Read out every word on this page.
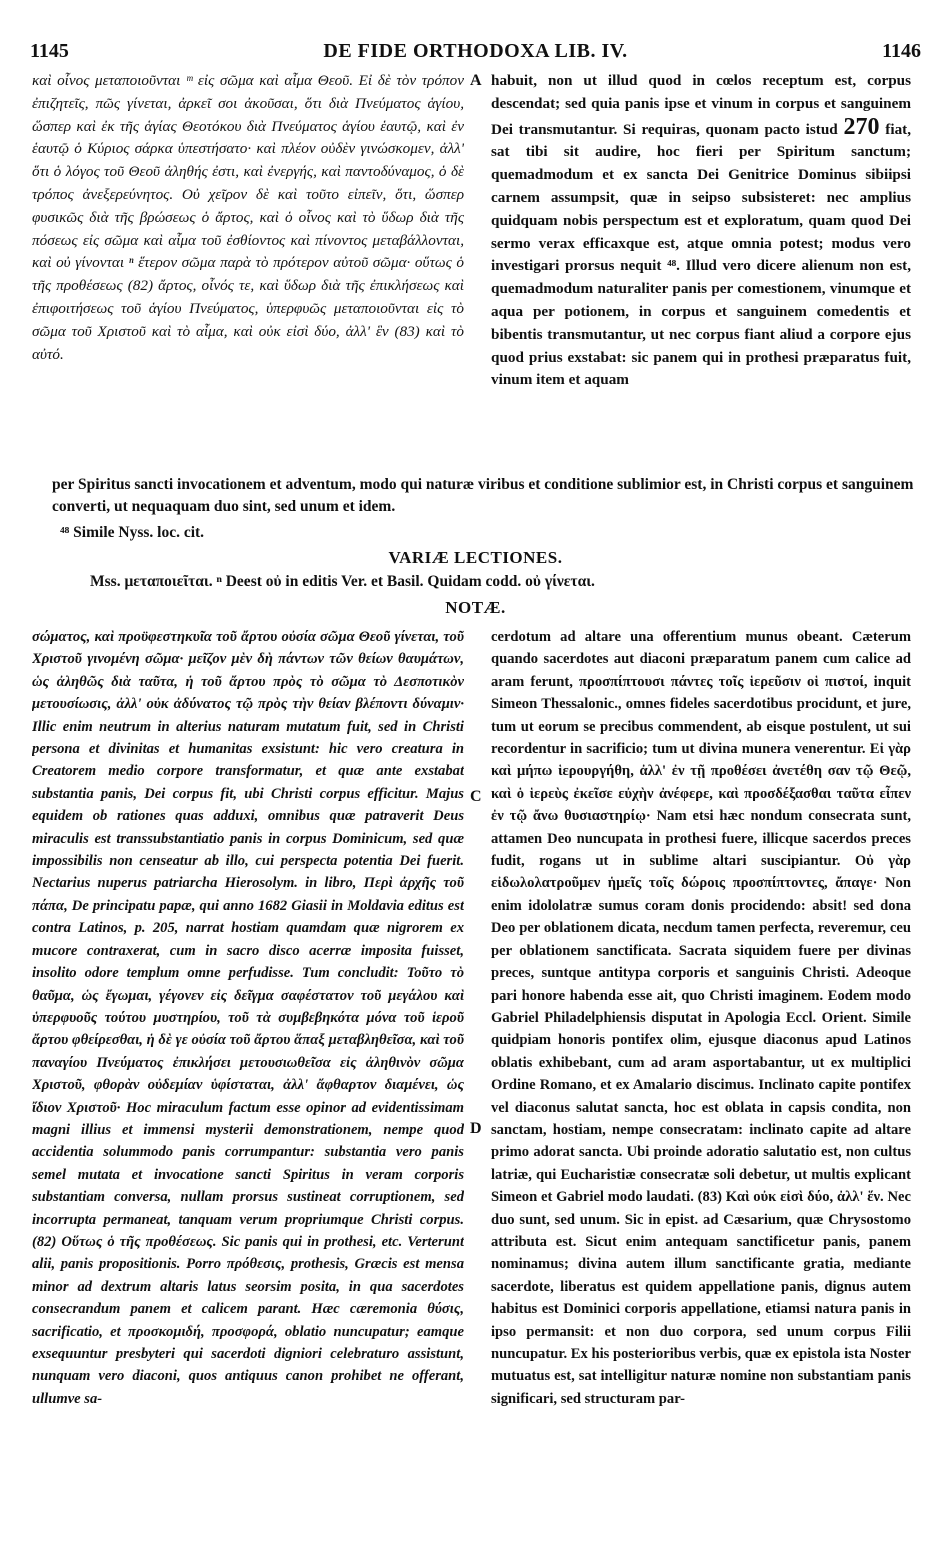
1145	DE FIDE ORTHODOXA LIB. IV.	1146

καὶ οἶνος μεταποιοῦνται ᵐ εἰς σῶμα καὶ αἷμα Θεοῦ. Εἰ δὲ τὸν τρόπον ἐπιζητεῖς, πῶς γίνεται, ἀρκεῖ σοι ἀκοῦσαι, ὅτι διὰ Πνεύματος ἁγίου, ὥσπερ καὶ ἐκ τῆς ἁγίας Θεοτόκου διὰ Πνεύματος ἁγίου ἑαυτῷ, καὶ ἐν ἑαυτῷ ὁ Κύριος σάρκα ὑπεστήσατο· καὶ πλέον οὐδὲν γινώσκομεν, ἀλλ' ὅτι ὁ λόγος τοῦ Θεοῦ ἀληθής ἐστι, καὶ ἐνεργής, καὶ παντοδύναμος, ὁ δὲ τρόπος ἀνεξερεύνητος. Οὐ χεῖρον δὲ καὶ τοῦτο εἰπεῖν, ὅτι, ὥσπερ φυσικῶς διὰ τῆς βρώσεως ὁ ἄρτος, καὶ ὁ οἶνος καὶ τὸ ὕδωρ διὰ τῆς πόσεως εἰς σῶμα καὶ αἷμα τοῦ ἐσθίοντος καὶ πίνοντος μεταβάλλονται, καὶ οὐ γίνονται ⁿ ἕτερον σῶμα παρὰ τὸ πρότερον αὐτοῦ σῶμα· οὕτως ὁ τῆς προθέσεως (82) ἄρτος, οἶνός τε, καὶ ὕδωρ διὰ τῆς ἐπικλήσεως καὶ ἐπιφοιτήσεως τοῦ ἁγίου Πνεύματος, ὑπερφυῶς μεταποιοῦνται εἰς τὸ σῶμα τοῦ Χριστοῦ καὶ τὸ αἷμα, καὶ οὐκ εἰσὶ δύο, ἀλλ' ἓν (83) καὶ τὸ αὐτό.

A habuit, non ut illud quod in cœlos receptum est, corpus descendat; sed quia panis ipse et vinum in corpus et sanguinem Dei transmutantur. Si requiras, quonam pacto istud 270 fiat, sat tibi sit audire, hoc fieri per Spiritum sanctum; quemadmodum et ex sancta Dei Genitrice Dominus sibiipsi carnem assumpsit, quæ in seipso subsisteret: nec amplius quidquam nobis perspectum est et exploratum, quam quod Dei sermo verax efficaxque est, atque omnia potest; modus vero investigari prorsus nequit ⁴⁸. Illud vero dicere alienum non est, quemadmodum naturaliter panis per comestionem, vinumque et aqua per potionem, in corpus et sanguinem comedentis et bibentis transmutantur, ut nec corpus fiant aliud a corpore ejus quod prius exstabat: sic panem qui in prothesi præparatus fuit, vinum item et aquam

per Spiritus sancti invocationem et adventum, modo qui naturæ viribus et conditione sublimior est, in Christi corpus et sanguinem converti, ut nequaquam duo sint, sed unum et idem.
⁴⁸ Simile Nyss. loc. cit.
VARIÆ LECTIONES.
Mss. μεταποιεῖται. ⁿ Deest οὐ in editis Ver. et Basil. Quidam codd. οὐ γίνεται.
NOTÆ.

σώματος, καὶ προϋφεστηκυῖα τοῦ ἄρτου οὐσία σῶμα Θεοῦ γίνεται, τοῦ Χριστοῦ γινομένη σῶμα· μεῖζον μὲν δὴ πάντων τῶν θείων θαυμάτων, ὡς ἀληθῶς διὰ ταῦτα, ἡ τοῦ ἄρτου πρὸς τὸ σῶμα τὸ Δεσποτικὸν μετουσίωσις, ἀλλ' οὐκ ἀδύνατος τῷ πρὸς τὴν θείαν βλέποντι δύναμιν· Illic enim neutrum in alterius naturam mutatum fuit, sed in Christi persona et divinitas et humanitas exsistunt: hic vero creatura in Creatorem medio corpore transformatur, et quæ ante exstabat substantia panis, Dei corpus fit, ubi Christi corpus efficitur. Majus equidem ob rationes quas adduxi, omnibus quæ patraverit Deus miraculis est transsubstantiatio panis in corpus Dominicum, sed quæ impossibilis non censeatur ab illo, cui perspecta potentia Dei fuerit. Nectarius nuperus patriarcha Hierosolym. in libro, Περὶ ἀρχῆς τοῦ πάπα, De principatu papæ, qui anno 1682 Giasii in Moldavia editus est contra Latinos, p. 205, narrat hostiam quamdam quæ nigrorem ex mucore contraxerat, cum in sacro disco acerræ imposita fuisset, insolito odore templum omne perfudisse. Tum concludit: Τοῦτο τὸ θαῦμα, ὡς ἔγωμαι, γέγονεν εἰς δεῖγμα σαφέστατον τοῦ μεγάλου καὶ ὑπερφυοῦς τούτου μυστηρίου, τοῦ τὰ συμβεβηκότα μόνα τοῦ ἱεροῦ ἄρτου φθείρεσθαι, ἡ δὲ γε οὐσία τοῦ ἄρτου ἅπαξ μεταβληθεῖσα, καὶ τοῦ παναγίου Πνεύματος ἐπικλήσει μετουσιωθεῖσα εἰς ἀληθινὸν σῶμα Χριστοῦ, φθορὰν οὐδεμίαν ὑφίσταται, ἀλλ' ἄφθαρτον διαμένει, ὡς ἴδιον Χριστοῦ· Hoc miraculum factum esse opinor ad evidentissimam magni illius et immensi mysterii demonstrationem, nempe quod accidentia solummodo panis corrumpantur: substantia vero panis semel mutata et invocatione sancti Spiritus in veram corporis substantiam conversa, nullam prorsus sustineat corruptionem, sed incorrupta permaneat, tanquam verum propriumque Christi corpus. (82) Οὕτως ὁ τῆς προθέσεως. Sic panis qui in prothesi, etc. Verterunt alii, panis propositionis. Porro πρόθεσις, prothesis, Græcis est mensa minor ad dextrum altaris latus seorsim posita, in qua sacerdotes consecrandum panem et calicem parant. Hæc cæremonia θύσις, sacrificatio, et προσκομιδή, προσφορά, oblatio nuncupatur; eamque exsequuntur presbyteri qui sacerdoti digniori celebraturo assistunt, nunquam vero diaconi, quos antiquus canon prohibet ne offerant, ullumve sa-

C
D

cerdotum ad altare una offerentium munus obeant. Cæterum quando sacerdotes aut diaconi præparatum panem cum calice ad aram ferunt, προσπίπτουσι πάντες τοῖς ἱερεῦσιν οἱ πιστοί, inquit Simeon Thessalonic., omnes fideles sacerdotibus procidunt, et jure, tum ut eorum se precibus commendent, ab eisque postulent, ut sui recordentur in sacrificio; tum ut divina munera venerentur. Εἰ γὰρ καὶ μήπω ἱερουργήθη, ἀλλ' ἐν τῇ προθέσει ἀνετέθη σαν τῷ Θεῷ, καὶ ὁ ἱερεὺς ἐκεῖσε εὐχὴν ἀνέφερε, καὶ προσδέξασθαι ταῦτα εἶπεν ἐν τῷ ἄνω θυσιαστηρίῳ· Nam etsi hæc nondum consecrata sunt, attamen Deo nuncupata in prothesi fuere, illicque sacerdos preces fudit, rogans ut in sublime altari suscipiantur. Οὐ γὰρ εἰδωλολατροῦμεν ἡμεῖς τοῖς δώροις προσπίπτοντες, ἄπαγε· Non enim idololatræ sumus coram donis procidendo: absit! sed dona Deo per oblationem dicata, necdum tamen perfecta, reveremur, ceu per oblationem sanctificata. Sacrata siquidem fuere per divinas preces, suntque antitypa corporis et sanguinis Christi. Adeoque pari honore habenda esse ait, quo Christi imaginem. Eodem modo Gabriel Philadelphiensis disputat in Apologia Eccl. Orient. Simile quidpiam honoris pontifex olim, ejusque diaconus apud Latinos oblatis exhibebant, cum ad aram asportabantur, ut ex multiplici Ordine Romano, et ex Amalario discimus. Inclinato capite pontifex vel diaconus salutat sancta, hoc est oblata in capsis condita, non sanctam, hostiam, nempe consecratam: inclinato capite ad altare primo adorat sancta. Ubi proinde adoratio salutatio est, non cultus latriæ, qui Eucharistiæ consecratæ soli debetur, ut multis explicant Simeon et Gabriel modo laudati. (83) Καὶ οὐκ εἰσὶ δύο, ἀλλ' ἕν. Nec duo sunt, sed unum. Sic in epist. ad Cæsarium, quæ Chrysostomo attributa est. Sicut enim antequam sanctificetur panis, panem nominamus; divina autem illum sanctificante gratia, mediante sacerdote, liberatus est quidem appellatione panis, dignus autem habitus est Dominici corporis appellatione, etiamsi natura panis in ipso permansit: et non duo corpora, sed unum corpus Filii nuncupatur. Ex his posterioribus verbis, quæ ex epistola ista Noster mutuatus est, sat intelligitur naturæ nomine non substantiam panis significari, sed structuram par-
